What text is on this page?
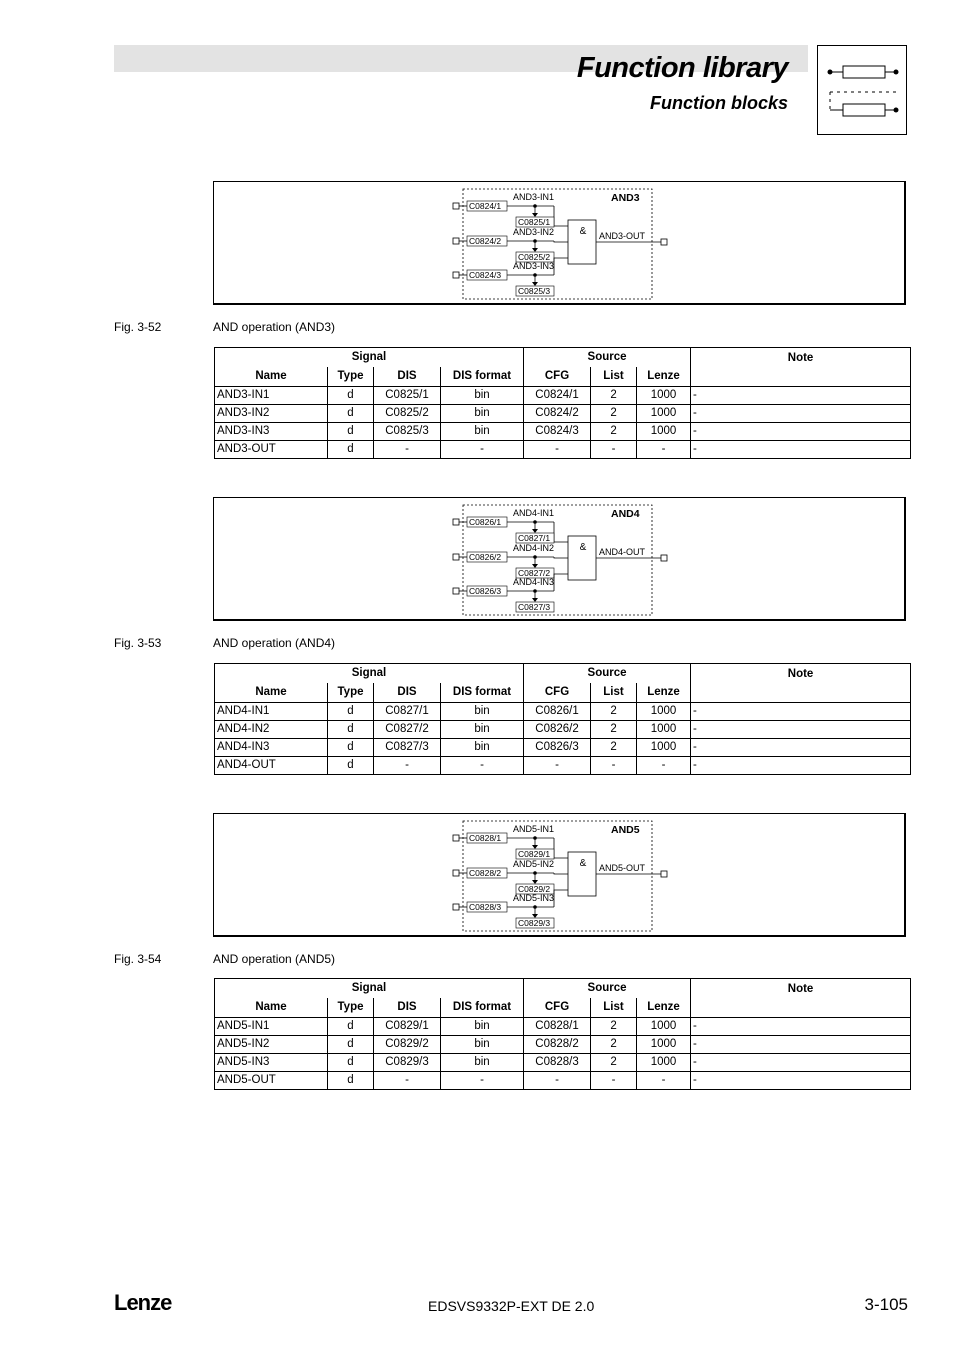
Function library
Function blocks
AND3
& AND3-OUT
C0824/1
AND3-IN1
C0825/1
C0824/2
AND3-IN2
C0825/2
C0824/3
AND3-IN3
C0825/3
Fig. 3-52	AND operation (AND3)
Signal				Source			Note
Name	Type	DIS	DIS format	CFG	List	Lenze	
AND3-IN1	d	C0825/1	bin	C0824/1	2	1000	-
AND3-IN2	d	C0825/2	bin	C0824/2	2	1000	-
AND3-IN3	d	C0825/3	bin	C0824/3	2	1000	-
AND3-OUT	d	-	-	-	-	-	-
AND4
& AND4-OUT
C0826/1
AND4-IN1
C0827/1
C0826/2
AND4-IN2
C0827/2
C0826/3
AND4-IN3
C0827/3
Fig. 3-53	AND operation (AND4)
Signal				Source			Note
Name	Type	DIS	DIS format	CFG	List	Lenze	
AND4-IN1	d	C0827/1	bin	C0826/1	2	1000	-
AND4-IN2	d	C0827/2	bin	C0826/2	2	1000	-
AND4-IN3	d	C0827/3	bin	C0826/3	2	1000	-
AND4-OUT	d	-	-	-	-	-	-
AND5
& AND5-OUT
C0828/1
AND5-IN1
C0829/1
C0828/2
AND5-IN2
C0829/2
C0828/3
AND5-IN3
C0829/3
Fig. 3-54	AND operation (AND5)
Signal				Source			Note
Name	Type	DIS	DIS format	CFG	List	Lenze	
AND5-IN1	d	C0829/1	bin	C0828/1	2	1000	-
AND5-IN2	d	C0829/2	bin	C0828/2	2	1000	-
AND5-IN3	d	C0829/3	bin	C0828/3	2	1000	-
AND5-OUT	d	-	-	-	-	-	-
Lenze	EDSVS9332P-EXT DE 2.0	3-105
